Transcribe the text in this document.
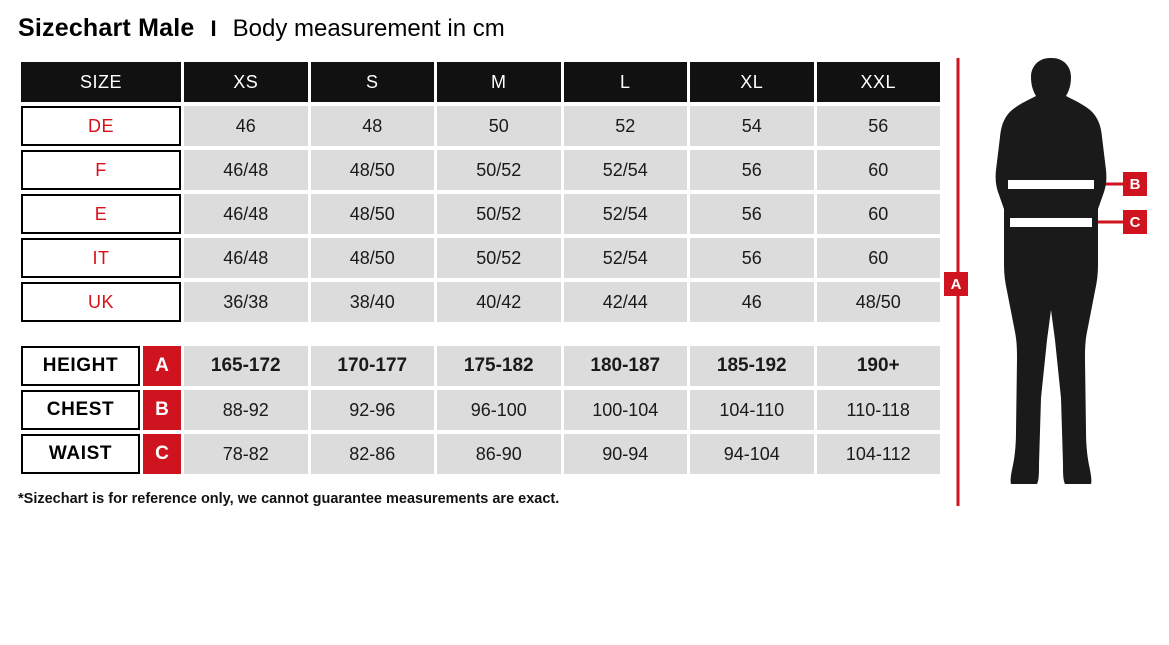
Sizechart Male I Body measurement in cm
SIZE	XS	S	M	L	XL	XXL
DE	46	48	50	52	54	56
F	46/48	48/50	50/52	52/54	56	60
E	46/48	48/50	50/52	52/54	56	60
IT	46/48	48/50	50/52	52/54	56	60
UK	36/38	38/40	40/42	42/44	46	48/50
HEIGHT A	165-172	170-177	175-182	180-187	185-192	190+

CHEST B	88-92	92-96	96-100	100-104	104-110	110-118

WAIST C	78-82	82-86	86-90	90-94	94-104	104-112
*Sizechart is for reference only, we cannot guarantee measurements are exact.
A
B
C
